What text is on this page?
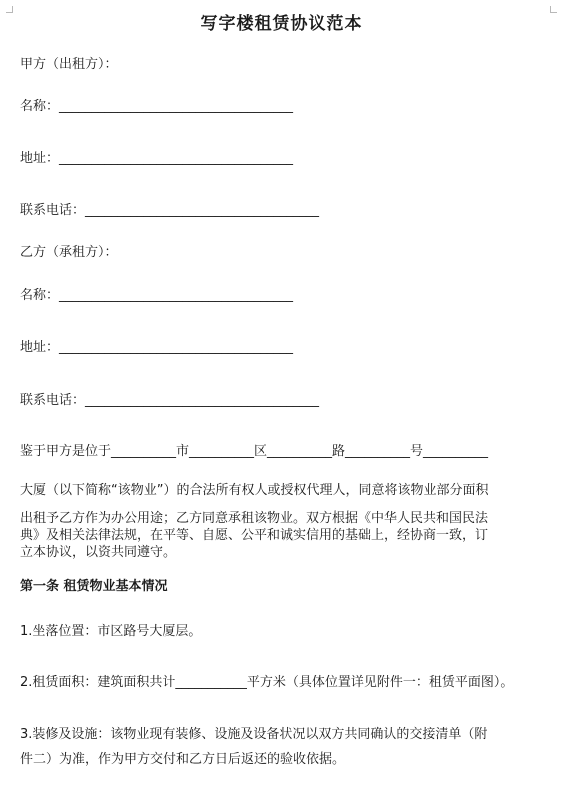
写字楼租赁协议范本
甲方（出租方）：
名称：____________________________________
地址：____________________________________
联系电话：____________________________________
乙方（承租方）：
名称：____________________________________
地址：____________________________________
联系电话：____________________________________
鉴于甲方是位于__________市__________区__________路__________号__________
大厦（以下简称“该物业”）的合法所有权人或授权代理人，同意将该物业部分面积
出租予乙方作为办公用途；乙方同意承租该物业。双方根据《中华人民共和国民法
典》及相关法律法规，在平等、自愿、公平和诚实信用的基础上，经协商一致，订
立本协议，以资共同遵守。
第一条 租赁物业基本情况
1.坐落位置：市区路号大厦层。
2.租赁面积：建筑面积共计___________平方米（具体位置详见附件一：租赁平面图）。
3.装修及设施：该物业现有装修、设施及设备状况以双方共同确认的交接清单（附
件二）为准，作为甲方交付和乙方日后返还的验收依据。
